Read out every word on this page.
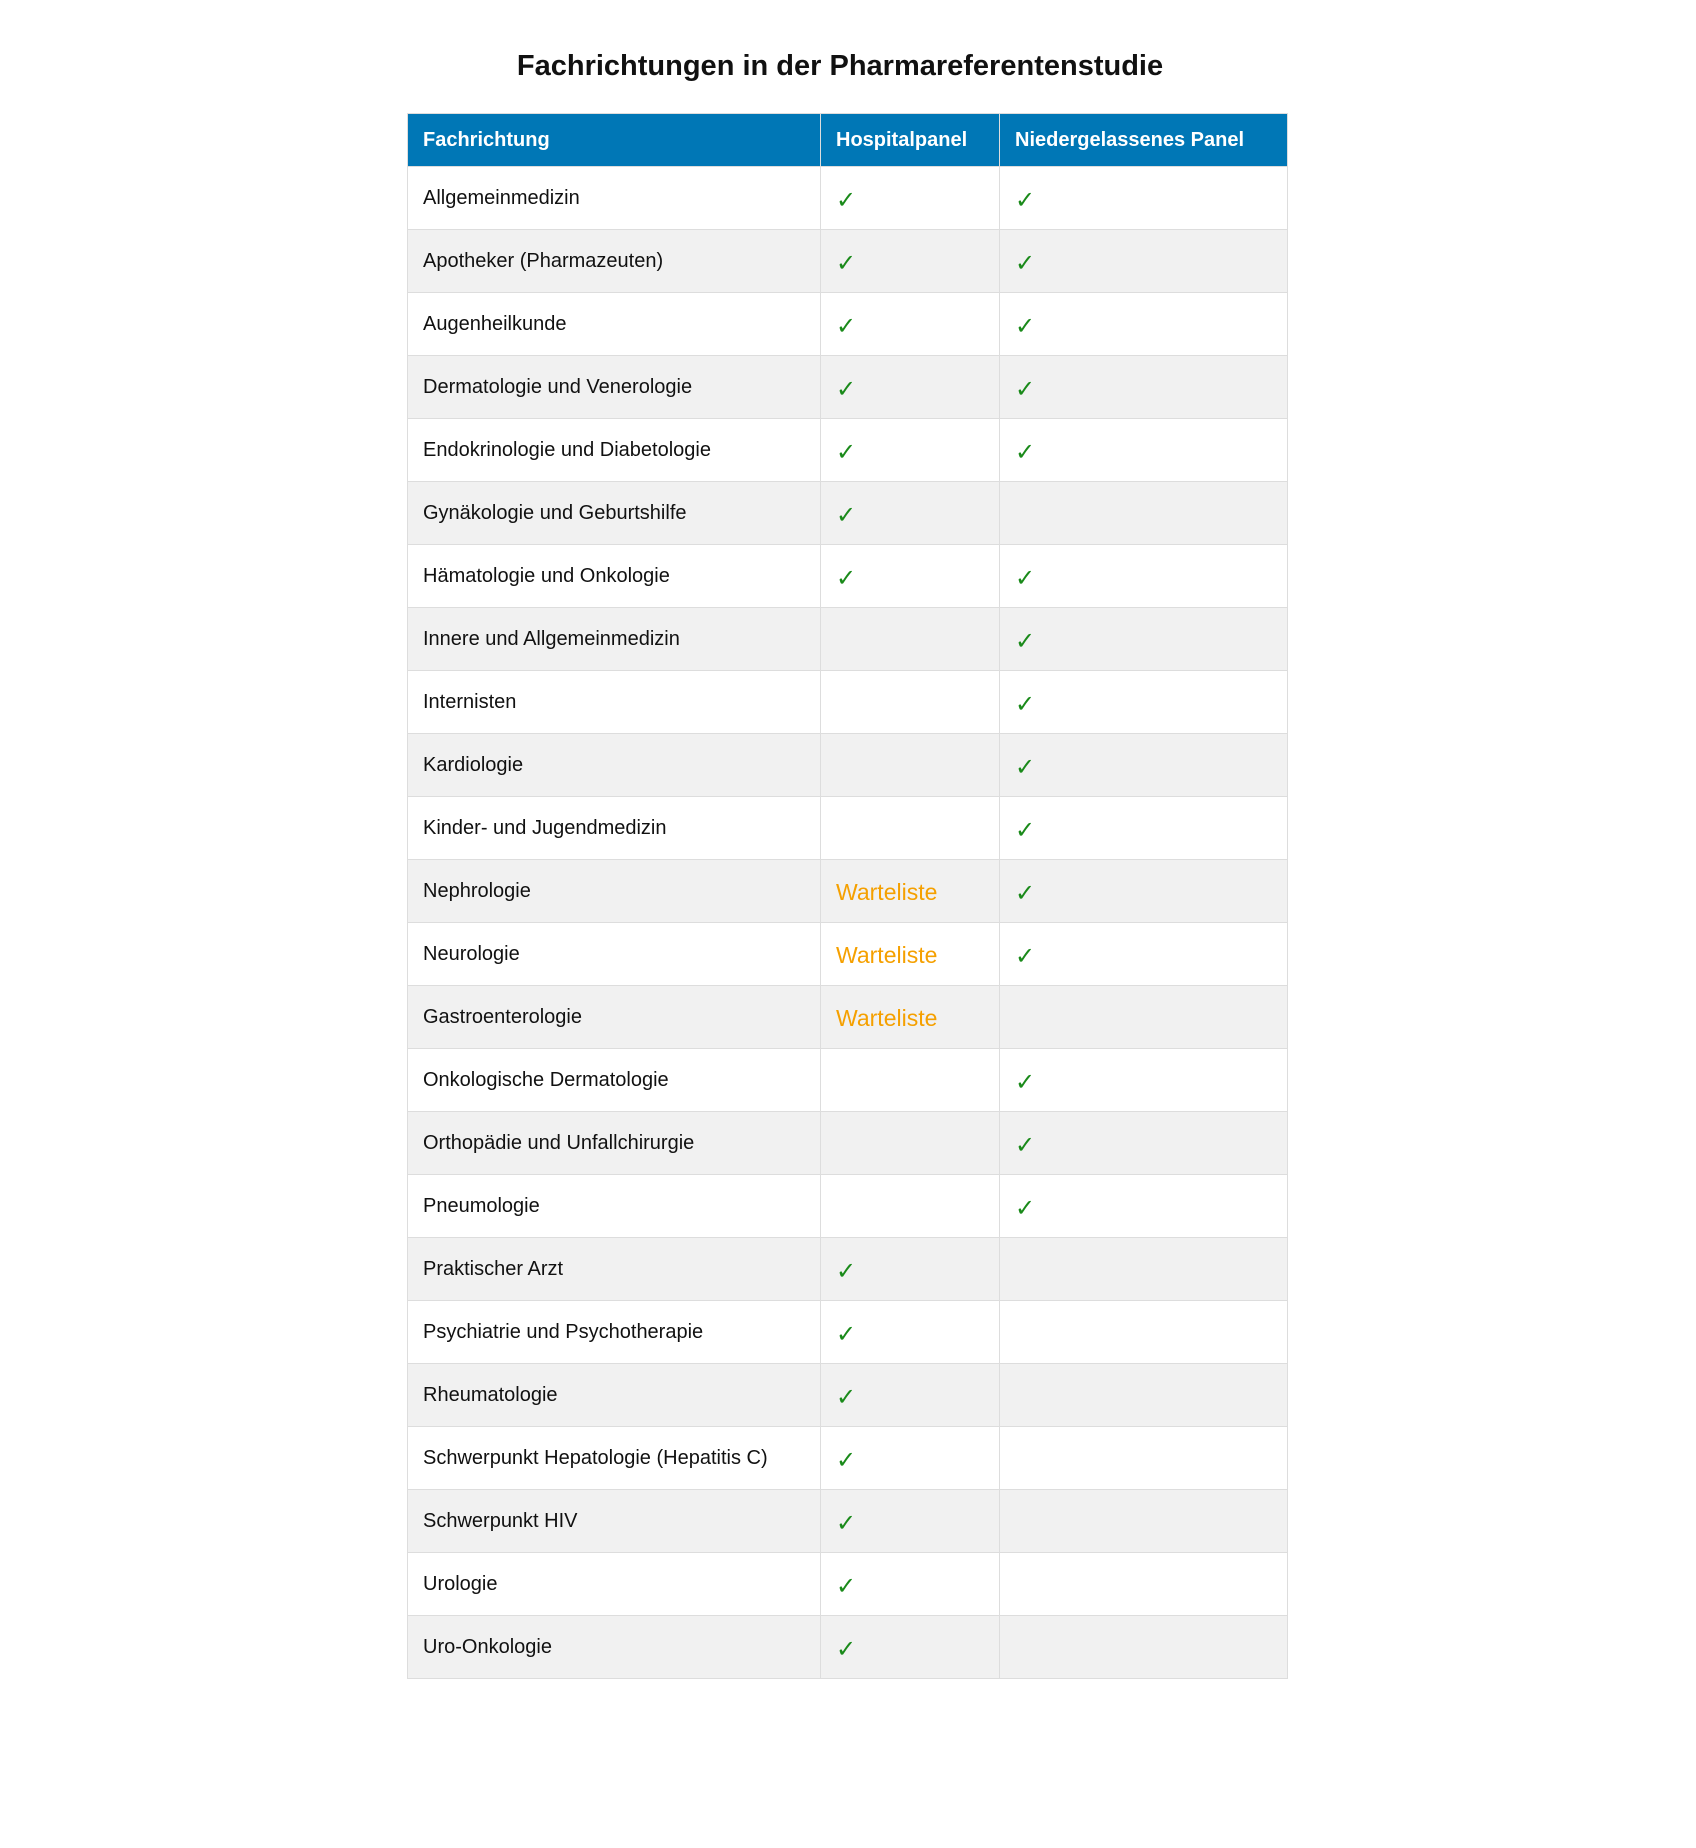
Fachrichtungen in der Pharmareferentenstudie
Fachrichtung	Hospitalpanel	Niedergelassenes Panel
Allgemeinmedizin	✓	✓
Apotheker (Pharmazeuten)	✓	✓
Augenheilkunde	✓	✓
Dermatologie und Venerologie	✓	✓
Endokrinologie und Diabetologie	✓	✓
Gynäkologie und Geburtshilfe	✓	
Hämatologie und Onkologie	✓	✓
Innere und Allgemeinmedizin		✓
Internisten		✓
Kardiologie		✓
Kinder- und Jugendmedizin		✓
Nephrologie	Warteliste	✓
Neurologie	Warteliste	✓
Gastroenterologie	Warteliste	
Onkologische Dermatologie		✓
Orthopädie und Unfallchirurgie		✓
Pneumologie		✓
Praktischer Arzt	✓	
Psychiatrie und Psychotherapie	✓	
Rheumatologie	✓	
Schwerpunkt Hepatologie (Hepatitis C)	✓	
Schwerpunkt HIV	✓	
Urologie	✓	
Uro-Onkologie	✓	
